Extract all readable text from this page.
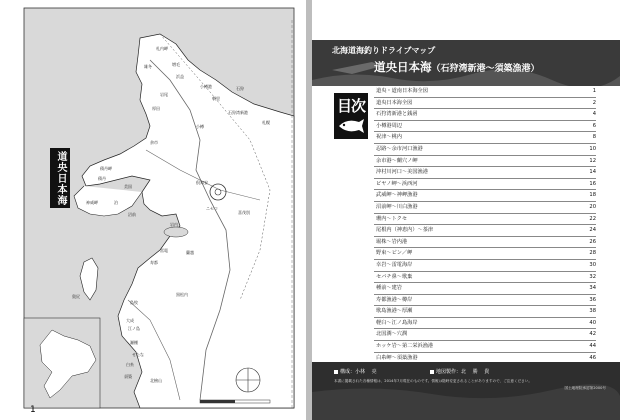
道央日本海
1
札内岬
増毛
雄冬
浜益
岩尾
朝里
石狩湾新港
厚田
小樽
札幌
余市
積丹
神威岬
美国
泊
岩内
寿都
瀬棚
せたな
奥尻
大成
島牧
雷電
江ノ島
白糸
須築
北檜山
積丹岬
沼前
黒松内
蘭越
小樽港	石狩
ニセコ
喜茂別
倶知安
北海道海釣りドライブマップ
道央日本海（石狩湾新港～須築漁港）
目次
道央・道南日本海全図	1
道央日本海全図	2
石狩湾新港と銭函	4
小樽港周辺	6
祝津～桃内	8
忍路～余市河口漁港	10
余市港～蘭穴ノ岬	12
沖村川河口～美国漁港	14
ピヤノ岬～浜西河	16
武威岬～神岬漁港	18
沼前岬～川白漁港	20
珊内～トクセ	22
尾根内（神恵内）～茶津	24
堀株～岩内港	26
野束～ビン／岬	28
幸岩～雷電海岸	30
セバチ鼻～歌棄	32
種前～建岩	34
寿都漁港～樽岸	36
歌島漁港～厚瀬	38
軽臼～江ノ島海岸	40
北国潤～穴潤	42
ホッケ岩～第二栄浜漁港	44
白糸岬～須築漁港	46
構成：小林 　亮	地図製作：北 　勝 　貴
本書に掲載された各種情報は、2014年7月現在のものです。情報は随時変更されることがありますので、ご注意ください。
国土地理院承認第2000号
